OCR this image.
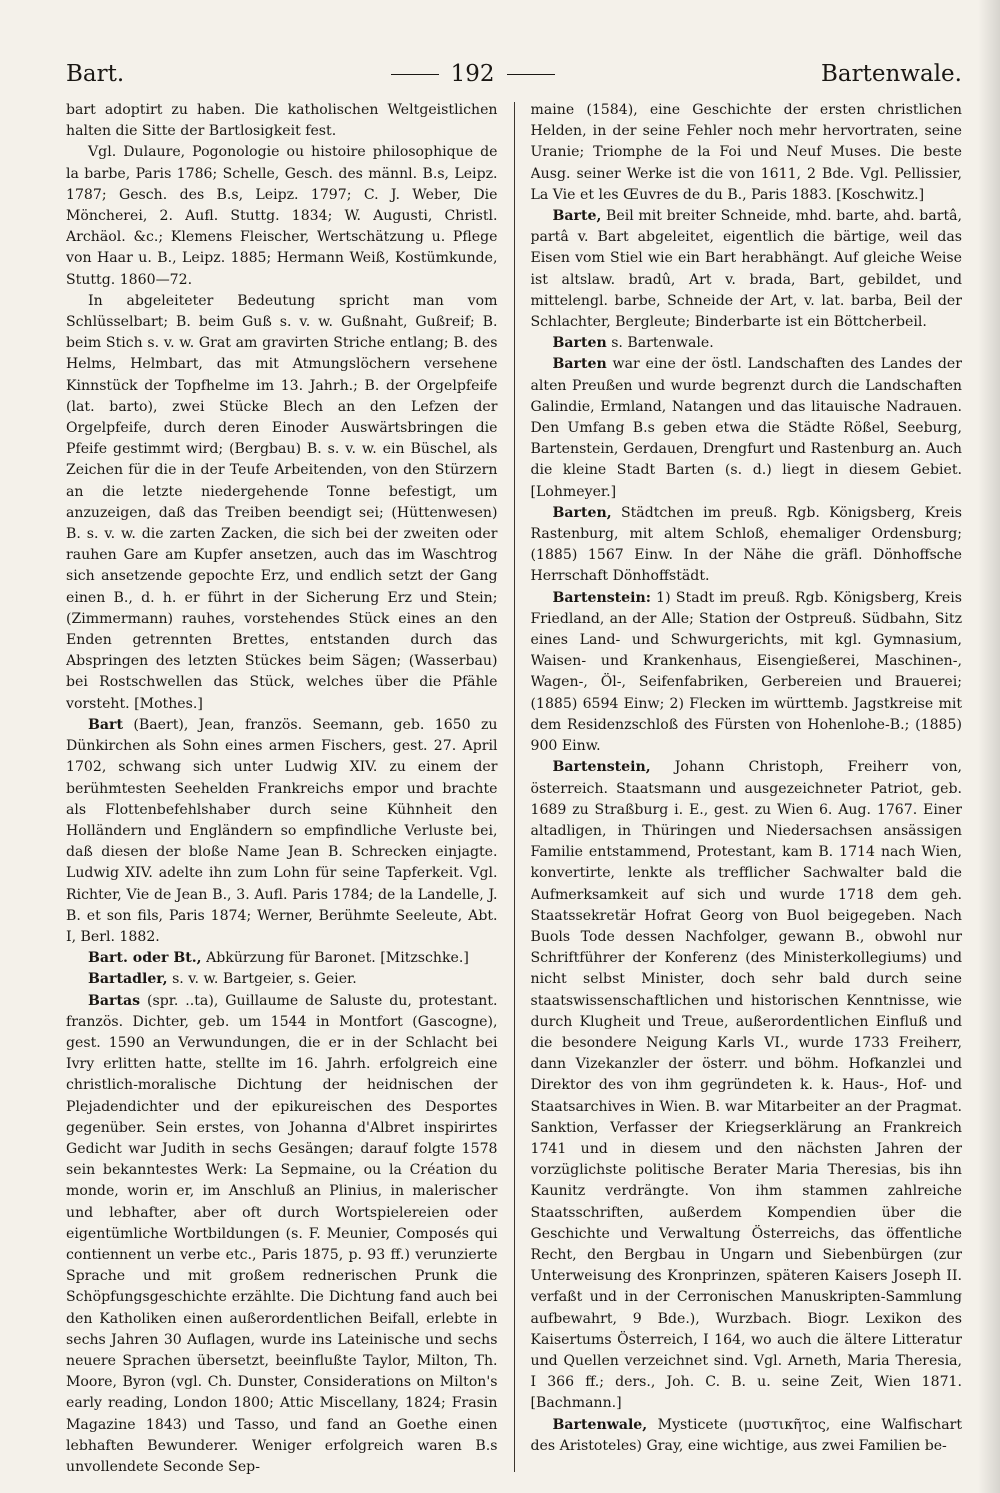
Bart.	192	Bartenwale.

bart adoptirt zu haben. Die katholischen Weltgeistlichen halten die Sitte der Bartlosigkeit fest.

Vgl. Dulaure, Pogonologie ou histoire philosophique de la barbe, Paris 1786; Schelle, Gesch. des männl. B.s, Leipz. 1787; Gesch. des B.s, Leipz. 1797; C. J. Weber, Die Möncherei, 2. Aufl. Stuttg. 1834; W. Augusti, Christl. Archäol. &c.; Klemens Fleischer, Wertschätzung u. Pflege von Haar u. B., Leipz. 1885; Hermann Weiß, Kostümkunde, Stuttg. 1860—72.

In abgeleiteter Bedeutung spricht man vom Schlüsselbart; B. beim Guß s. v. w. Gußnaht, Gußreif; B. beim Stich s. v. w. Grat am gravirten Striche entlang; B. des Helms, Helmbart, das mit Atmungslöchern versehene Kinnstück der Topfhelme im 13. Jahrh.; B. der Orgelpfeife (lat. barto), zwei Stücke Blech an den Lefzen der Orgelpfeife, durch deren Einoder Auswärtsbringen die Pfeife gestimmt wird; (Bergbau) B. s. v. w. ein Büschel, als Zeichen für die in der Teufe Arbeitenden, von den Stürzern an die letzte niedergehende Tonne befestigt, um anzuzeigen, daß das Treiben beendigt sei; (Hüttenwesen) B. s. v. w. die zarten Zacken, die sich bei der zweiten oder rauhen Gare am Kupfer ansetzen, auch das im Waschtrog sich ansetzende gepochte Erz, und endlich setzt der Gang einen B., d. h. er führt in der Sicherung Erz und Stein; (Zimmermann) rauhes, vorstehendes Stück eines an den Enden getrennten Brettes, entstanden durch das Abspringen des letzten Stückes beim Sägen; (Wasserbau) bei Rostschwellen das Stück, welches über die Pfähle vorsteht. [Mothes.]

Bart (Baert), Jean, französ. Seemann, geb. 1650 zu Dünkirchen als Sohn eines armen Fischers, gest. 27. April 1702, schwang sich unter Ludwig XIV. zu einem der berühmtesten Seehelden Frankreichs empor und brachte als Flottenbefehlshaber durch seine Kühnheit den Holländern und Engländern so empfindliche Verluste bei, daß diesen der bloße Name Jean B. Schrecken einjagte. Ludwig XIV. adelte ihn zum Lohn für seine Tapferkeit. Vgl. Richter, Vie de Jean B., 3. Aufl. Paris 1784; de la Landelle, J. B. et son fils, Paris 1874; Werner, Berühmte Seeleute, Abt. I, Berl. 1882.

Bart. oder Bt., Abkürzung für Baronet. [Mitzschke.]

Bartadler, s. v. w. Bartgeier, s. Geier.

Bartas (spr. ..ta), Guillaume de Saluste du, protestant. französ. Dichter, geb. um 1544 in Montfort (Gascogne), gest. 1590 an Verwundungen, die er in der Schlacht bei Ivry erlitten hatte, stellte im 16. Jahrh. erfolgreich eine christlich-moralische Dichtung der heidnischen der Plejadendichter und der epikureischen des Desportes gegenüber. Sein erstes, von Johanna d'Albret inspirirtes Gedicht war Judith in sechs Gesängen; darauf folgte 1578 sein bekanntestes Werk: La Sepmaine, ou la Création du monde, worin er, im Anschluß an Plinius, in malerischer und lebhafter, aber oft durch Wortspielereien oder eigentümliche Wortbildungen (s. F. Meunier, Composés qui contiennent un verbe etc., Paris 1875, p. 93 ff.) verunzierte Sprache und mit großem rednerischen Prunk die Schöpfungsgeschichte erzählte. Die Dichtung fand auch bei den Katholiken einen außerordentlichen Beifall, erlebte in sechs Jahren 30 Auflagen, wurde ins Lateinische und sechs neuere Sprachen übersetzt, beeinflußte Taylor, Milton, Th. Moore, Byron (vgl. Ch. Dunster, Considerations on Milton's early reading, London 1800; Attic Miscellany, 1824; Frasin Magazine 1843) und Tasso, und fand an Goethe einen lebhaften Bewunderer. Weniger erfolgreich waren B.s unvollendete Seconde Sep-

maine (1584), eine Geschichte der ersten christlichen Helden, in der seine Fehler noch mehr hervortraten, seine Uranie; Triomphe de la Foi und Neuf Muses. Die beste Ausg. seiner Werke ist die von 1611, 2 Bde. Vgl. Pellissier, La Vie et les Œuvres de du B., Paris 1883. [Koschwitz.]

Barte, Beil mit breiter Schneide, mhd. barte, ahd. bartâ, partâ v. Bart abgeleitet, eigentlich die bärtige, weil das Eisen vom Stiel wie ein Bart herabhängt. Auf gleiche Weise ist altslaw. bradû, Art v. brada, Bart, gebildet, und mittelengl. barbe, Schneide der Art, v. lat. barba, Beil der Schlachter, Bergleute; Binderbarte ist ein Böttcherbeil.

Barten s. Bartenwale.

Barten war eine der östl. Landschaften des Landes der alten Preußen und wurde begrenzt durch die Landschaften Galindie, Ermland, Natangen und das litauische Nadrauen. Den Umfang B.s geben etwa die Städte Rößel, Seeburg, Bartenstein, Gerdauen, Drengfurt und Rastenburg an. Auch die kleine Stadt Barten (s. d.) liegt in diesem Gebiet. [Lohmeyer.]

Barten, Städtchen im preuß. Rgb. Königsberg, Kreis Rastenburg, mit altem Schloß, ehemaliger Ordensburg; (1885) 1567 Einw. In der Nähe die gräfl. Dönhoffsche Herrschaft Dönhoffstädt.

Bartenstein: 1) Stadt im preuß. Rgb. Königsberg, Kreis Friedland, an der Alle; Station der Ostpreuß. Südbahn, Sitz eines Land- und Schwurgerichts, mit kgl. Gymnasium, Waisen- und Krankenhaus, Eisengießerei, Maschinen-, Wagen-, Öl-, Seifenfabriken, Gerbereien und Brauerei; (1885) 6594 Einw; 2) Flecken im württemb. Jagstkreise mit dem Residenzschloß des Fürsten von Hohenlohe-B.; (1885) 900 Einw.

Bartenstein, Johann Christoph, Freiherr von, österreich. Staatsmann und ausgezeichneter Patriot, geb. 1689 zu Straßburg i. E., gest. zu Wien 6. Aug. 1767. Einer altadligen, in Thüringen und Niedersachsen ansässigen Familie entstammend, Protestant, kam B. 1714 nach Wien, konvertirte, lenkte als trefflicher Sachwalter bald die Aufmerksamkeit auf sich und wurde 1718 dem geh. Staatssekretär Hofrat Georg von Buol beigegeben. Nach Buols Tode dessen Nachfolger, gewann B., obwohl nur Schriftführer der Konferenz (des Ministerkollegiums) und nicht selbst Minister, doch sehr bald durch seine staatswissenschaftlichen und historischen Kenntnisse, wie durch Klugheit und Treue, außerordentlichen Einfluß und die besondere Neigung Karls VI., wurde 1733 Freiherr, dann Vizekanzler der österr. und böhm. Hofkanzlei und Direktor des von ihm gegründeten k. k. Haus-, Hof- und Staatsarchives in Wien. B. war Mitarbeiter an der Pragmat. Sanktion, Verfasser der Kriegserklärung an Frankreich 1741 und in diesem und den nächsten Jahren der vorzüglichste politische Berater Maria Theresias, bis ihn Kaunitz verdrängte. Von ihm stammen zahlreiche Staatsschriften, außerdem Kompendien über die Geschichte und Verwaltung Österreichs, das öffentliche Recht, den Bergbau in Ungarn und Siebenbürgen (zur Unterweisung des Kronprinzen, späteren Kaisers Joseph II. verfaßt und in der Cerronischen Manuskripten-Sammlung aufbewahrt, 9 Bde.), Wurzbach. Biogr. Lexikon des Kaisertums Österreich, I 164, wo auch die ältere Litteratur und Quellen verzeichnet sind. Vgl. Arneth, Maria Theresia, I 366 ff.; ders., Joh. C. B. u. seine Zeit, Wien 1871. [Bachmann.]

Bartenwale, Mysticete (μυστικῆτος, eine Walfischart des Aristoteles) Gray, eine wichtige, aus zwei Familien be-
